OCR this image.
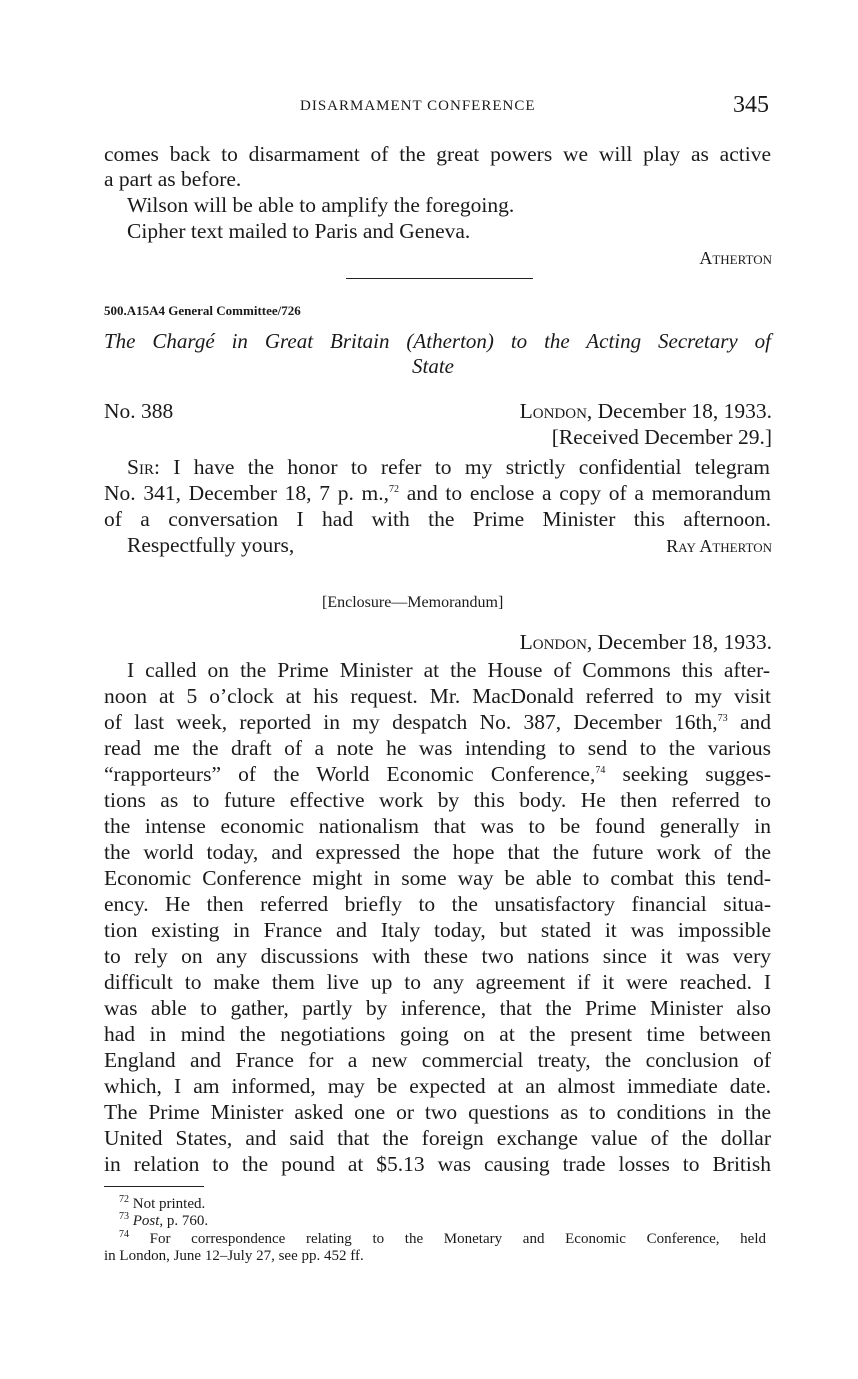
DISARMAMENT CONFERENCE	345
comes back to disarmament of the great powers we will play as active
a part as before.
Wilson will be able to amplify the foregoing.
Cipher text mailed to Paris and Geneva.
Atherton
500.A15A4 General Committee/726
The Chargé in Great Britain (Atherton) to the Acting Secretary of
State
No. 388	London, December 18, 1933.
[Received December 29.]
Sir: I have the honor to refer to my strictly confidential telegram
No. 341, December 18, 7 p. m.,$^{72}$ and to enclose a copy of a memorandum
of a conversation I had with the Prime Minister this afternoon.
Respectfully yours,	Ray Atherton
[Enclosure—Memorandum]
London, December 18, 1933.
I called on the Prime Minister at the House of Commons this after-
noon at 5 o’clock at his request. Mr. MacDonald referred to my visit
of last week, reported in my despatch No. 387, December 16th,$^{73}$ and
read me the draft of a note he was intending to send to the various
“rapporteurs” of the World Economic Conference,$^{74}$ seeking sugges-
tions as to future effective work by this body. He then referred to
the intense economic nationalism that was to be found generally in
the world today, and expressed the hope that the future work of the
Economic Conference might in some way be able to combat this tend-
ency. He then referred briefly to the unsatisfactory financial situa-
tion existing in France and Italy today, but stated it was impossible
to rely on any discussions with these two nations since it was very
difficult to make them live up to any agreement if it were reached. I
was able to gather, partly by inference, that the Prime Minister also
had in mind the negotiations going on at the present time between
England and France for a new commercial treaty, the conclusion of
which, I am informed, may be expected at an almost immediate date.
The Prime Minister asked one or two questions as to conditions in the
United States, and said that the foreign exchange value of the dollar
in relation to the pound at $5.13 was causing trade losses to British
$^{72}$ Not printed.
$^{73}$ Post, p. 760.
$^{74}$ For correspondence relating to the Monetary and Economic Conference, held
in London, June 12–July 27, see pp. 452 ff.
